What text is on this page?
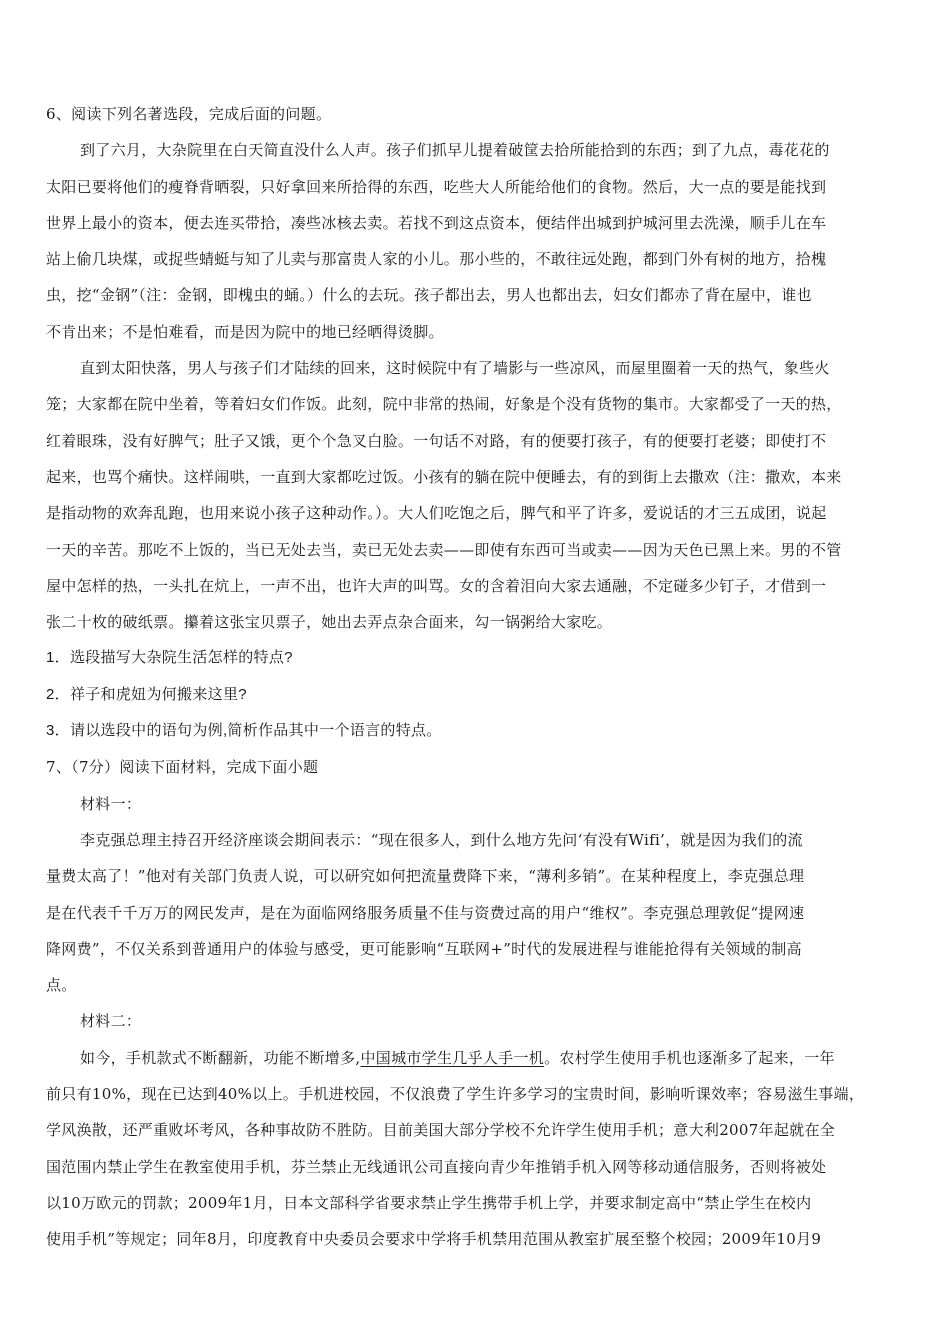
6、阅读下列名著选段，完成后面的问题。
到了六月，大杂院里在白天简直没什么人声。孩子们抓早儿提着破筐去拾所能拾到的东西；到了九点，毒花花的
太阳已要将他们的瘦脊背晒裂，只好拿回来所拾得的东西，吃些大人所能给他们的食物。然后，大一点的要是能找到
世界上最小的资本，便去连买带拾，凑些冰核去卖。若找不到这点资本，便结伴出城到护城河里去洗澡，顺手儿在车
站上偷几块煤，或捉些蜻蜓与知了儿卖与那富贵人家的小儿。那小些的，不敢往远处跑，都到门外有树的地方，拾槐
虫，挖“金钢”（注：金钢，即槐虫的蛹。）什么的去玩。孩子都出去，男人也都出去，妇女们都赤了背在屋中，谁也
不肯出来；不是怕难看，而是因为院中的地已经晒得烫脚。
直到太阳快落，男人与孩子们才陆续的回来，这时候院中有了墙影与一些凉风，而屋里圈着一天的热气，象些火
笼；大家都在院中坐着，等着妇女们作饭。此刻，院中非常的热闹，好象是个没有货物的集市。大家都受了一天的热，
红着眼珠，没有好脾气；肚子又饿，更个个急叉白脸。一句话不对路，有的便要打孩子，有的便要打老婆；即使打不
起来，也骂个痛快。这样闹哄，一直到大家都吃过饭。小孩有的躺在院中便睡去，有的到街上去撒欢（注：撒欢，本来
是指动物的欢奔乱跑，也用来说小孩子这种动作。）。大人们吃饱之后，脾气和平了许多，爱说话的才三五成团，说起
一天的辛苦。那吃不上饭的，当已无处去当，卖已无处去卖——即使有东西可当或卖——因为天色已黑上来。男的不管
屋中怎样的热，一头扎在炕上，一声不出，也许大声的叫骂。女的含着泪向大家去通融，不定碰多少钉子，才借到一
张二十枚的破纸票。攥着这张宝贝票子，她出去弄点杂合面来，勾一锅粥给大家吃。
1．选段描写大杂院生活怎样的特点?
2．祥子和虎妞为何搬来这里?
3．请以选段中的语句为例,简析作品其中一个语言的特点。
7、（7分）阅读下面材料，完成下面小题
材料一：
李克强总理主持召开经济座谈会期间表示：“现在很多人，到什么地方先问‘有没有Wifi’，就是因为我们的流
量费太高了！”他对有关部门负责人说，可以研究如何把流量费降下来，“薄利多销”。在某种程度上，李克强总理
是在代表千千万万的网民发声，是在为面临网络服务质量不佳与资费过高的用户“维权”。李克强总理敦促“提网速
降网费”，不仅关系到普通用户的体验与感受，更可能影响“互联网+”时代的发展进程与谁能抢得有关领域的制高
点。
材料二：
如今，手机款式不断翻新，功能不断增多,中国城市学生几乎人手一机。农村学生使用手机也逐渐多了起来，一年
前只有10%，现在已达到40%以上。手机进校园，不仅浪费了学生许多学习的宝贵时间，影响听课效率；容易滋生事端，
学风涣散，还严重败坏考风，各种事故防不胜防。目前美国大部分学校不允许学生使用手机；意大利2007年起就在全
国范围内禁止学生在教室使用手机，芬兰禁止无线通讯公司直接向青少年推销手机入网等移动通信服务，否则将被处
以10万欧元的罚款；2009年1月，日本文部科学省要求禁止学生携带手机上学，并要求制定高中“禁止学生在校内
使用手机”等规定；同年8月，印度教育中央委员会要求中学将手机禁用范围从教室扩展至整个校园；2009年10月9
